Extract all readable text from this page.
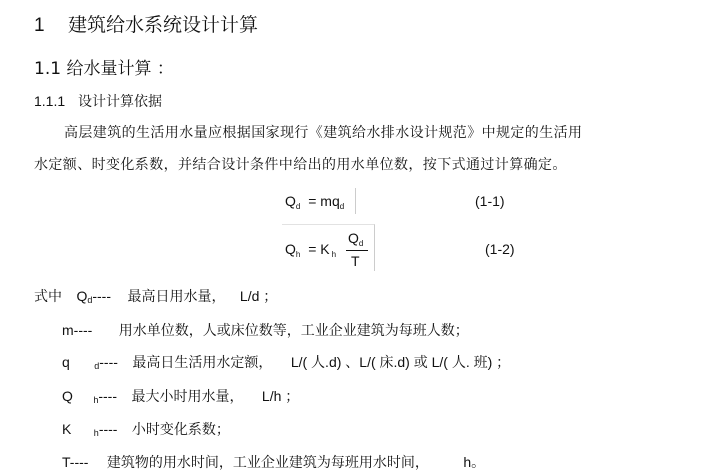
1 建筑给水系统设计计算
1.1 给水量计算 ：
1.1.1 设计计算依据
高层建筑的生活用水量应根据国家现行《建筑给水排水设计规范》中规定的生活用
水定额、时变化系数，并结合设计条件中给出的用水单位数，按下式通过计算确定。
$Q_d = mq_d$	(1-1)
$Q_h = K$ $_h$
$Q_d$
T
(1-2)
式中 Qd---- 最高日用水量， L/d ；
m---- 用水单位数，人或床位数等，工业企业建筑为每班人数；
q	d---- 最高日生活用水定额， L/( 人.d) 、L/( 床.d) 或 L/( 人. 班) ；
Q h---- 最大小时用水量， L/h ；
K h---- 小时变化系数；
T---- 建筑物的用水时间，工业企业建筑为每班用水时间， h。
